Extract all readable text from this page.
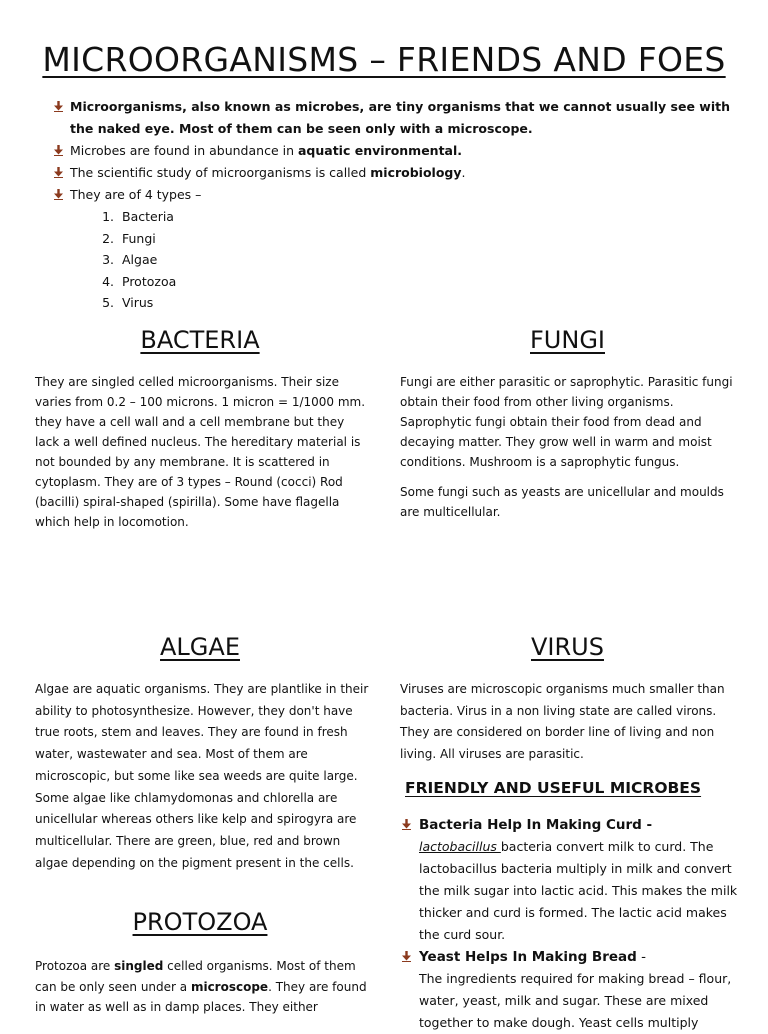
MICROORGANISMS – FRIENDS AND FOES
Microorganisms, also known as microbes, are tiny organisms that we cannot usually see with the naked eye. Most of them can be seen only with a microscope.
Microbes are found in abundance in aquatic environmental.
The scientific study of microorganisms is called microbiology.
They are of 4 types –
1. Bacteria
2. Fungi
3. Algae
4. Protozoa
5. Virus
BACTERIA

They are singled celled microorganisms. Their size varies from 0.2 – 100 microns. 1 micron = 1/1000 mm. they have a cell wall and a cell membrane but they lack a well defined nucleus. The hereditary material is not bounded by any membrane. It is scattered in cytoplasm. They are of 3 types – Round (cocci) Rod (bacilli) spiral-shaped (spirilla). Some have flagella which help in locomotion.

FUNGI

Fungi are either parasitic or saprophytic. Parasitic fungi obtain their food from other living organisms. Saprophytic fungi obtain their food from dead and decaying matter. They grow well in warm and moist conditions. Mushroom is a saprophytic fungus.

Some fungi such as yeasts are unicellular and moulds are multicellular.

ALGAE

Algae are aquatic organisms. They are plantlike in their ability to photosynthesize. However, they don't have true roots, stem and leaves. They are found in fresh water, wastewater and sea. Most of them are microscopic, but some like sea weeds are quite large. Some algae like chlamydomonas and chlorella are unicellular whereas others like kelp and spirogyra are multicellular. There are green, blue, red and brown algae depending on the pigment present in the cells.

PROTOZOA

Protozoa are singled celled organisms. Most of them can be only seen under a microscope. They are found in water as well as in damp places. They either

VIRUS

Viruses are microscopic organisms much smaller than bacteria. Virus in a non living state are called virons. They are considered on border line of living and non living. All viruses are parasitic.

FRIENDLY AND USEFUL MICROBES
Bacteria Help In Making Curd -
lactobacillus bacteria convert milk to curd. The lactobacillus bacteria multiply in milk and convert the milk sugar into lactic acid. This makes the milk thicker and curd is formed. The lactic acid makes the curd sour.
Yeast Helps In Making Bread -
The ingredients required for making bread – flour, water, yeast, milk and sugar. These are mixed together to make dough. Yeast cells multiply
